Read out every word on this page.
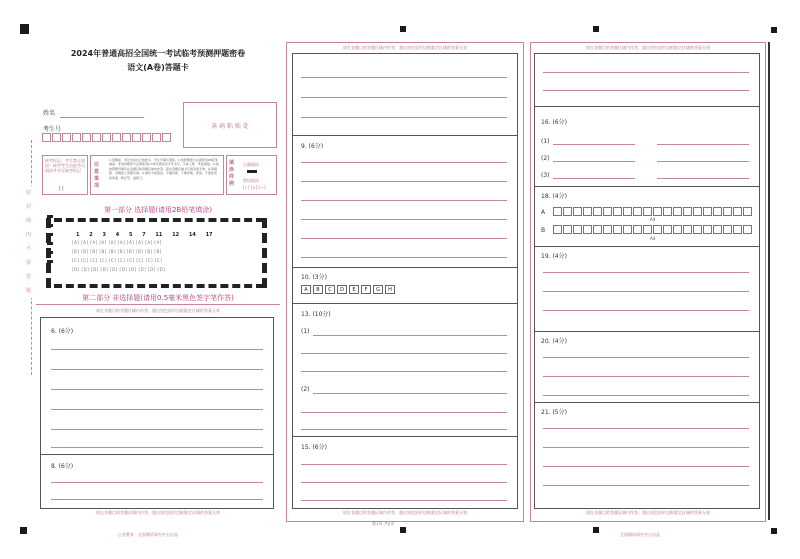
2024年普通高招全国统一考试临考预测押题密卷
语文(A卷)答题卡
姓名
考生号	条 码 粘 贴 处
缺考标记，考生禁止填涂！缺考考生由监考员填涂并书写缺考标记
[ ]
注意事项
1.答题前，考生先将自己的姓名、考生号填写清楚。2.选择题部分必须使用2B铅笔填涂；非选择题部分必须使用0.5毫米黑色签字笔书写，字体工整、笔迹清楚。3.请按照题号顺序在各题目的答题区域内作答，超出答题区域书写的答案无效；在草稿纸、试题卷上答题无效。4.保持卡面清洁，不要折叠、不要弄破、弄皱，不准使用涂改液、修正带、刮纸刀。
填涂样例
正确填涂
错误填涂
[✓] [×] [—]
第一部分 选择题(请用2B铅笔填涂)
1 2 3 4 5 7 11 12 14 17
[A] [A] [A] [A] [A] [A] [A] [A] [A] [A]
[B] [B] [B] [B] [B] [B] [B] [B] [B] [B]
[C] [C] [C] [C] [C] [C] [C] [C] [C] [C]
[D] [D] [D] [D] [D] [D] [D] [D] [D] [D]
第二部分 非选择题(请用0.5毫米黑色签字笔作答)
请在各题目的答题区域内作答，超出黑色矩形边框限定区域的答案无效
6. (6分)
8. (6分)
请在各题目的答题区域内作答，超出黑色矩形边框限定区域的答案无效
密封线内不要答题
请在各题目的答题区域内作答，超出黑色矩形边框限定区域的答案无效
9. (6分)
10. (3分)
A	B	C	D	E	F	G	H
13. (10分)
(1)
(2)
15. (6分)
请在各题目的答题区域内作答，超出黑色矩形边框限定区域的答案无效
请在各题目的答题区域内作答，超出黑色矩形边框限定区域的答案无效
16. (6分)
(1)
(2)
(3)
18. (4分)
A
A4
B
A4
19. (4分)
20. (4分)
21. (5分)
请在各题目的答题区域内作答，超出黑色矩形边框限定区域的答案无效
正卷教育 · 全国测试研究中心出品
第1页 共2页
全国测试研究中心出品
